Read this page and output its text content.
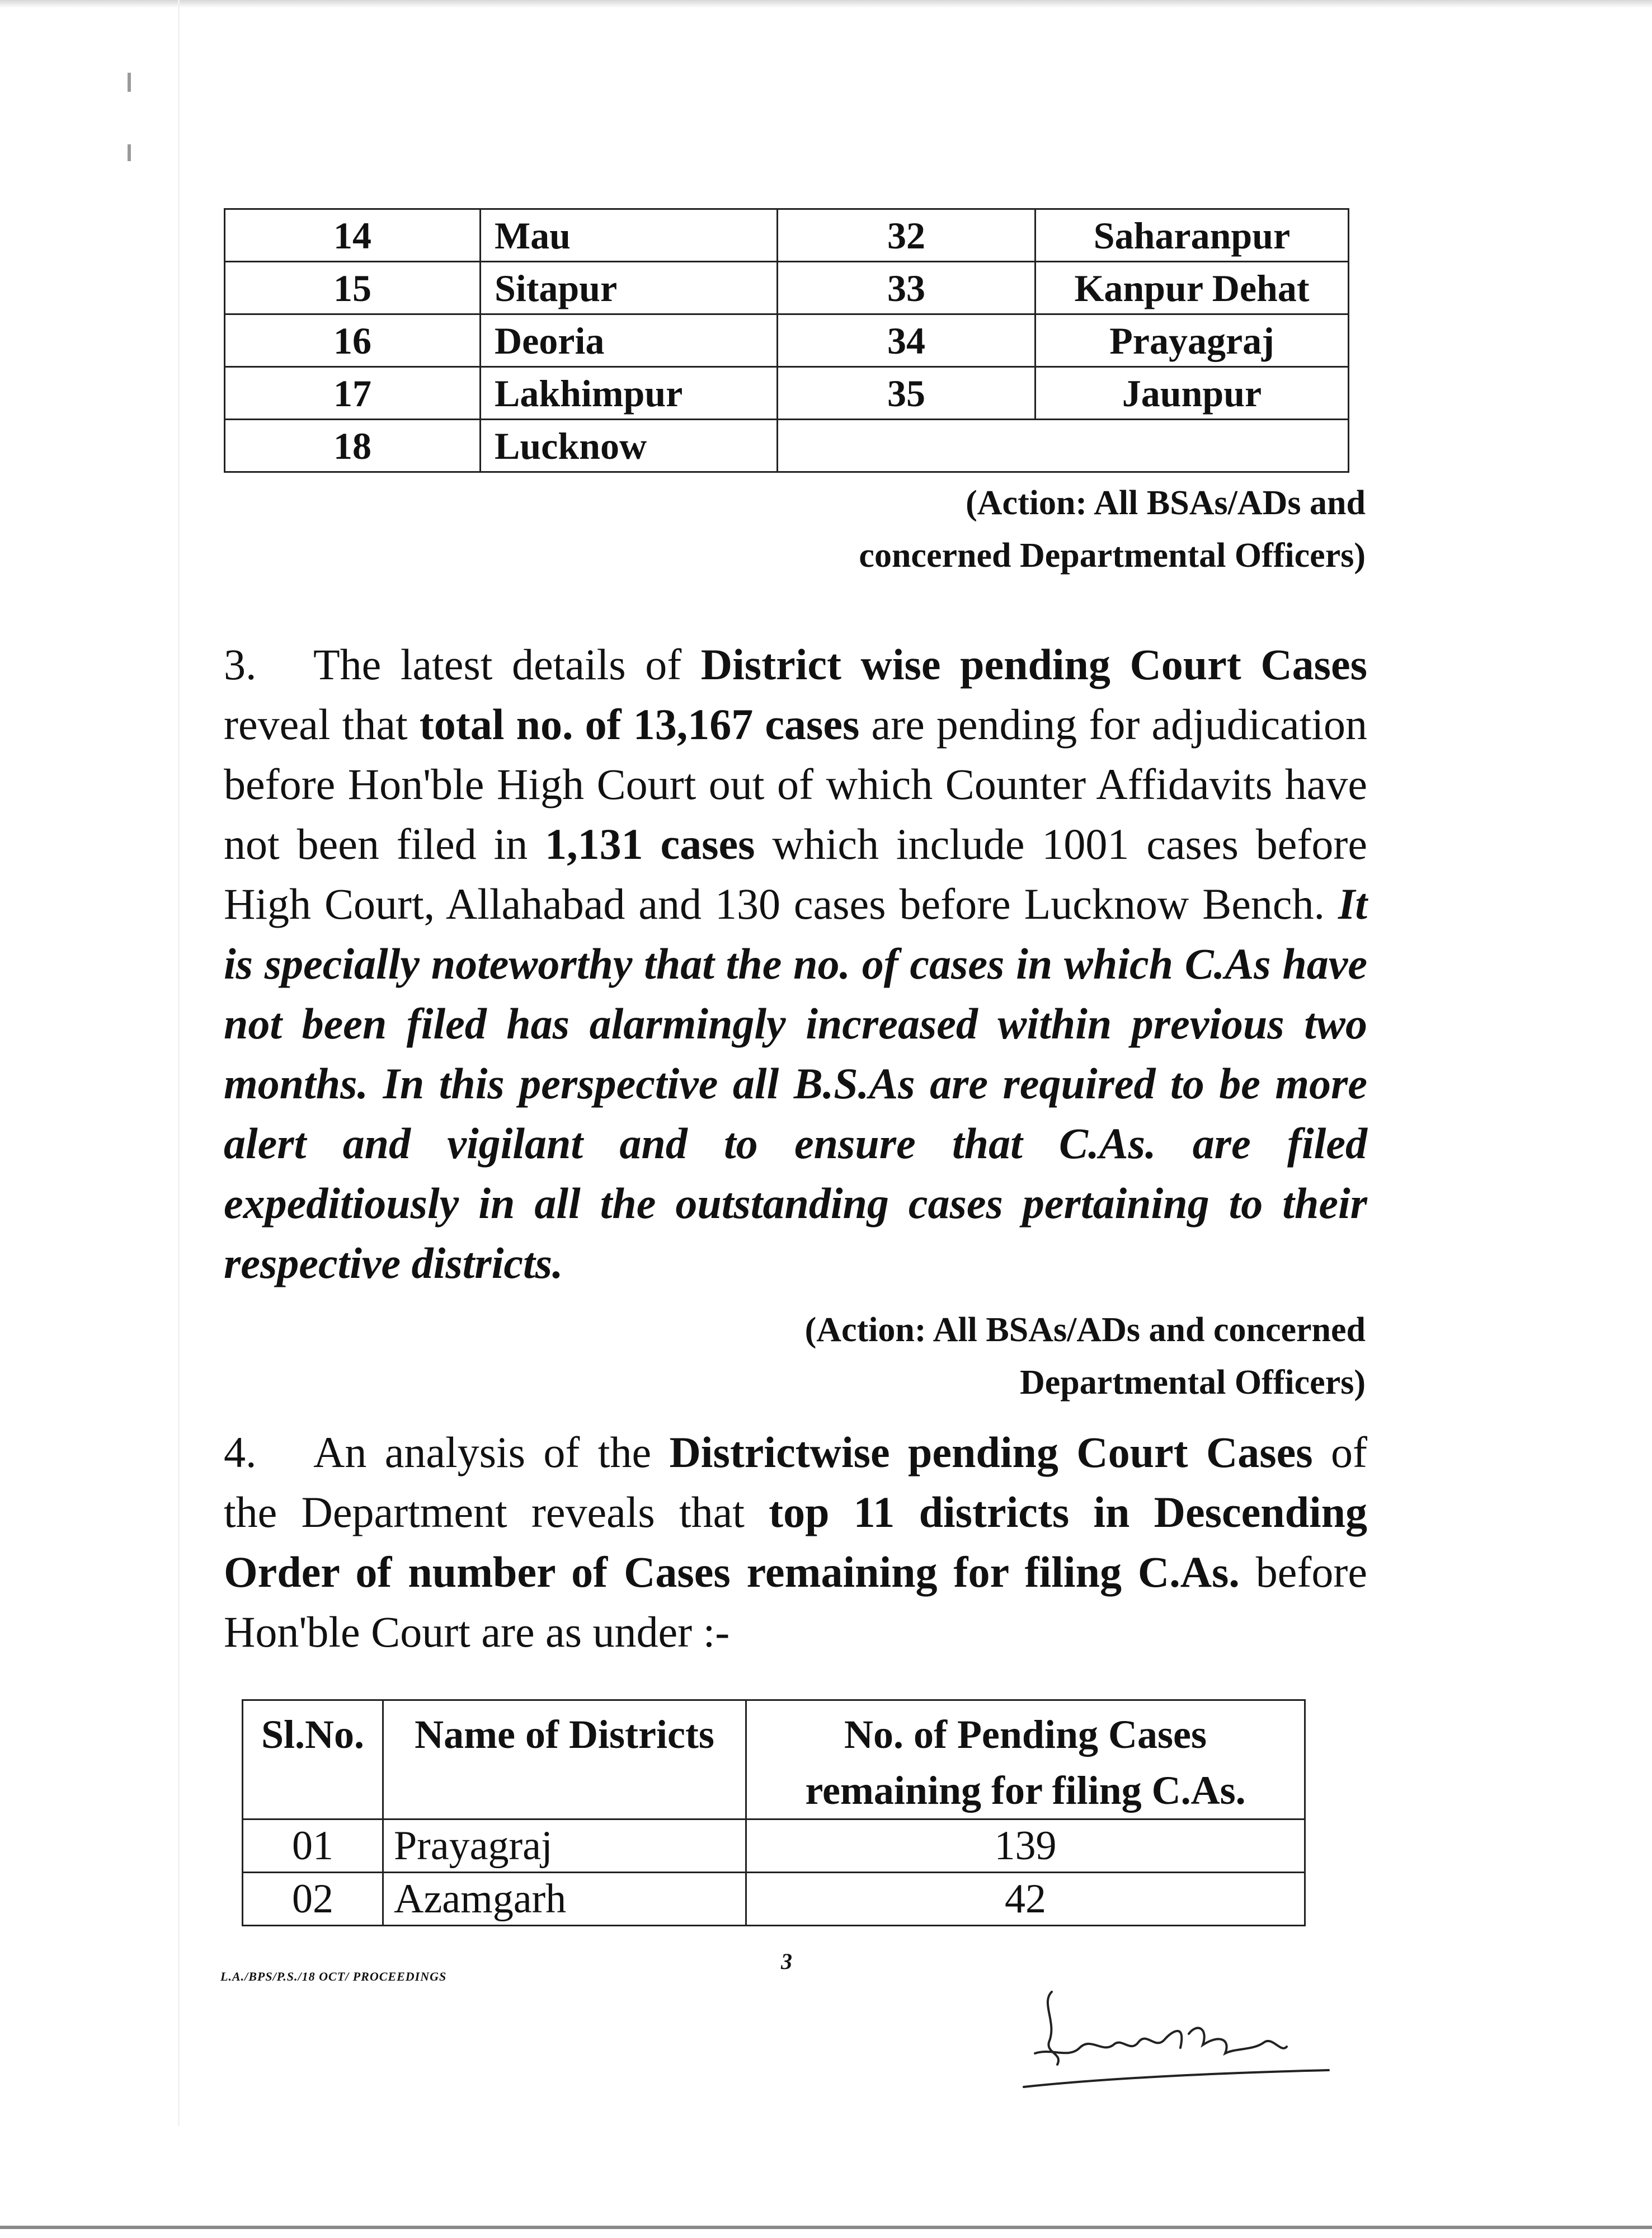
14	Mau	32	Saharanpur
15	Sitapur	33	Kanpur Dehat
16	Deoria	34	Prayagraj
17	Lakhimpur	35	Jaunpur
18	Lucknow		
(Action: All BSAs/ADs and
concerned Departmental Officers)

3. The latest details of District wise pending Court Cases reveal that total no. of 13,167 cases are pending for adjudication before Hon'ble High Court out of which Counter Affidavits have not been filed in 1,131 cases which include 1001 cases before High Court, Allahabad and 130 cases before Lucknow Bench. It is specially noteworthy that the no. of cases in which C.As have not been filed has alarmingly increased within previous two months. In this perspective all B.S.As are required to be more alert and vigilant and to ensure that C.As. are filed expeditiously in all the outstanding cases pertaining to their respective districts.

(Action: All BSAs/ADs and concerned
Departmental Officers)

4. An analysis of the Districtwise pending Court Cases of the Department reveals that top 11 districts in Descending Order of number of Cases remaining for filing C.As. before Hon'ble Court are as under :-

Sl.No.	Name of Districts	No. of Pending Cases
remaining for filing C.As.

01	Prayagraj	139
02	Azamgarh	42
3
L.A./BPS/P.S./18 OCT/ PROCEEDINGS
